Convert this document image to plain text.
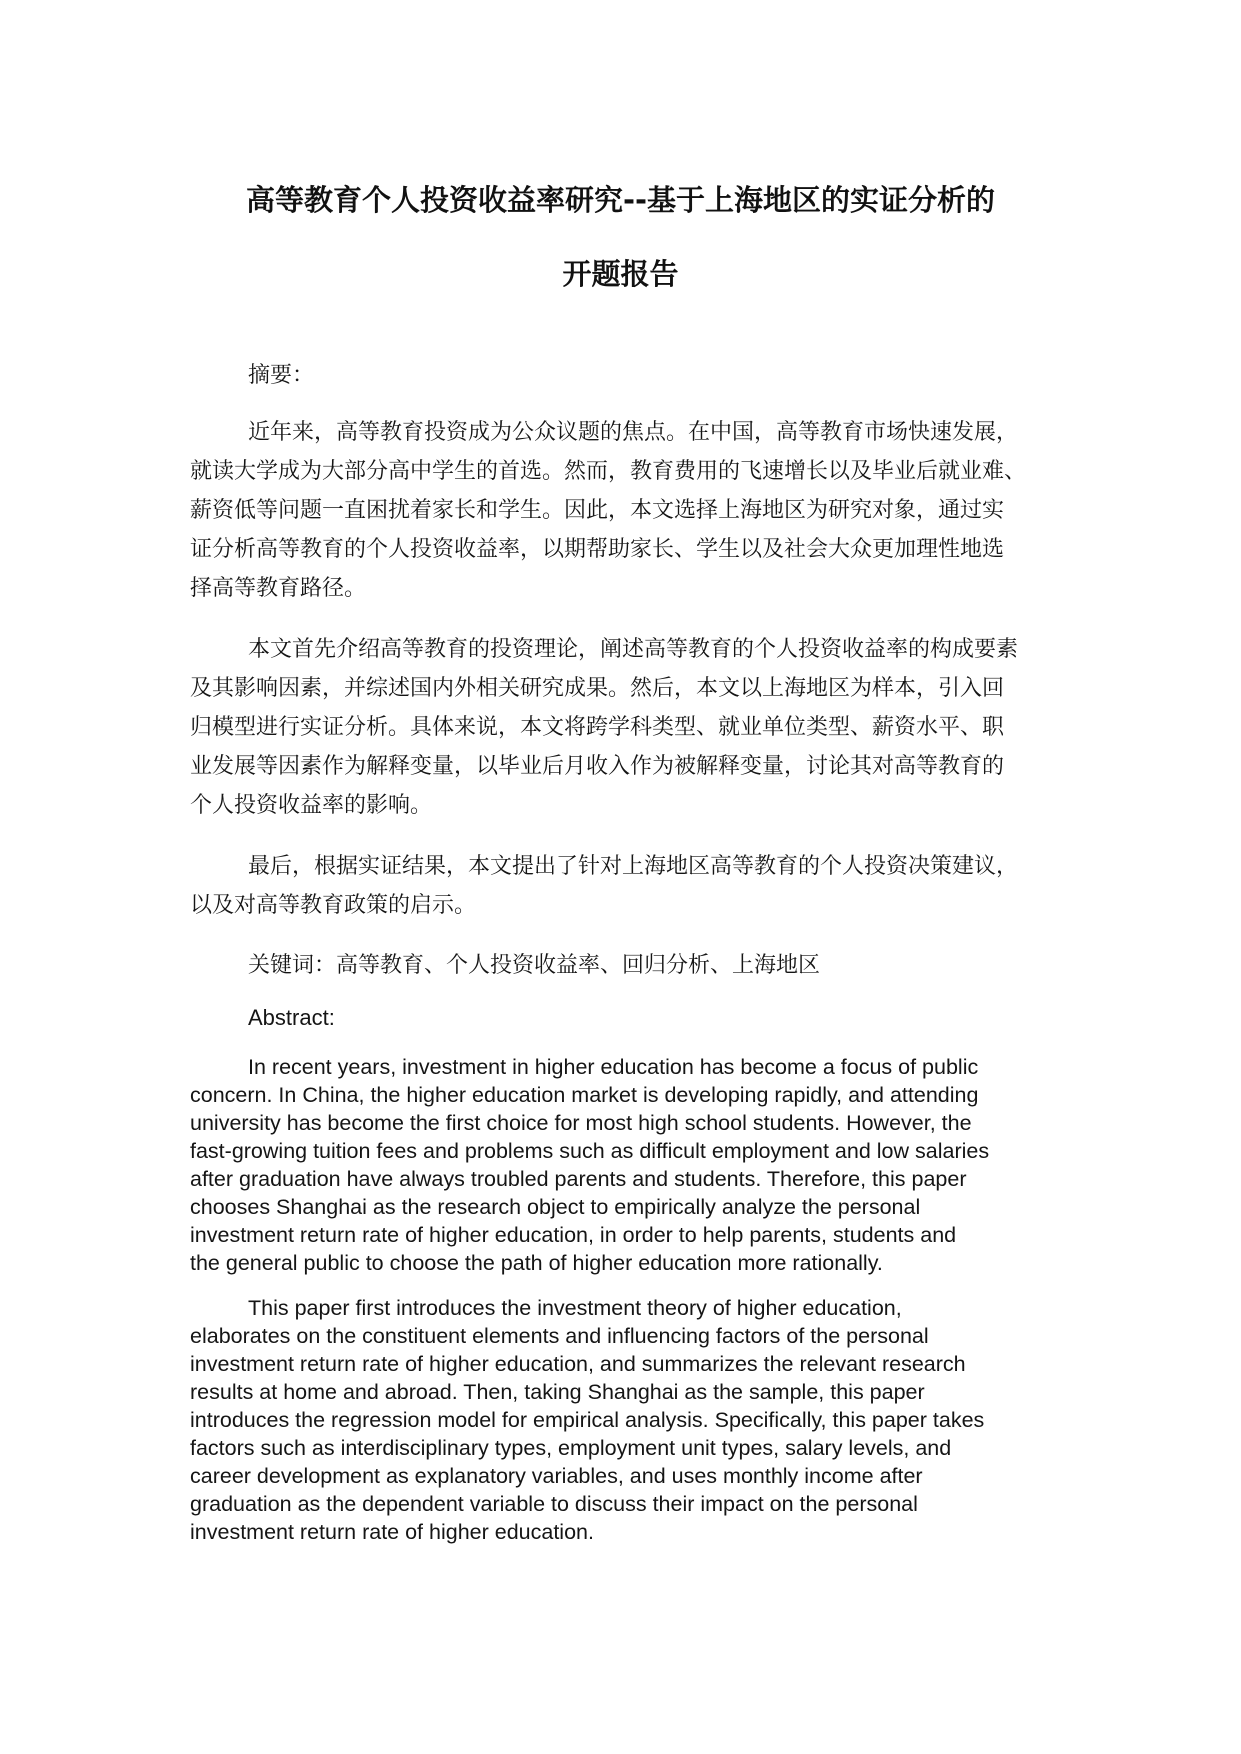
高等教育个人投资收益率研究--基于上海地区的实证分析的
开题报告

摘要：

近年来，高等教育投资成为公众议题的焦点。在中国，高等教育市场快速发展，
就读大学成为大部分高中学生的首选。然而，教育费用的飞速增长以及毕业后就业难、
薪资低等问题一直困扰着家长和学生。因此，本文选择上海地区为研究对象，通过实
证分析高等教育的个人投资收益率，以期帮助家长、学生以及社会大众更加理性地选
择高等教育路径。

本文首先介绍高等教育的投资理论，阐述高等教育的个人投资收益率的构成要素
及其影响因素，并综述国内外相关研究成果。然后，本文以上海地区为样本，引入回
归模型进行实证分析。具体来说，本文将跨学科类型、就业单位类型、薪资水平、职
业发展等因素作为解释变量，以毕业后月收入作为被解释变量，讨论其对高等教育的
个人投资收益率的影响。

最后，根据实证结果，本文提出了针对上海地区高等教育的个人投资决策建议，
以及对高等教育政策的启示。

关键词：高等教育、个人投资收益率、回归分析、上海地区

Abstract:

In recent years, investment in higher education has become a focus of public
concern. In China, the higher education market is developing rapidly, and attending
university has become the first choice for most high school students. However, the
fast-growing tuition fees and problems such as difficult employment and low salaries
after graduation have always troubled parents and students. Therefore, this paper
chooses Shanghai as the research object to empirically analyze the personal
investment return rate of higher education, in order to help parents, students and
the general public to choose the path of higher education more rationally.

This paper first introduces the investment theory of higher education,
elaborates on the constituent elements and influencing factors of the personal
investment return rate of higher education, and summarizes the relevant research
results at home and abroad. Then, taking Shanghai as the sample, this paper
introduces the regression model for empirical analysis. Specifically, this paper takes
factors such as interdisciplinary types, employment unit types, salary levels, and
career development as explanatory variables, and uses monthly income after
graduation as the dependent variable to discuss their impact on the personal
investment return rate of higher education.
